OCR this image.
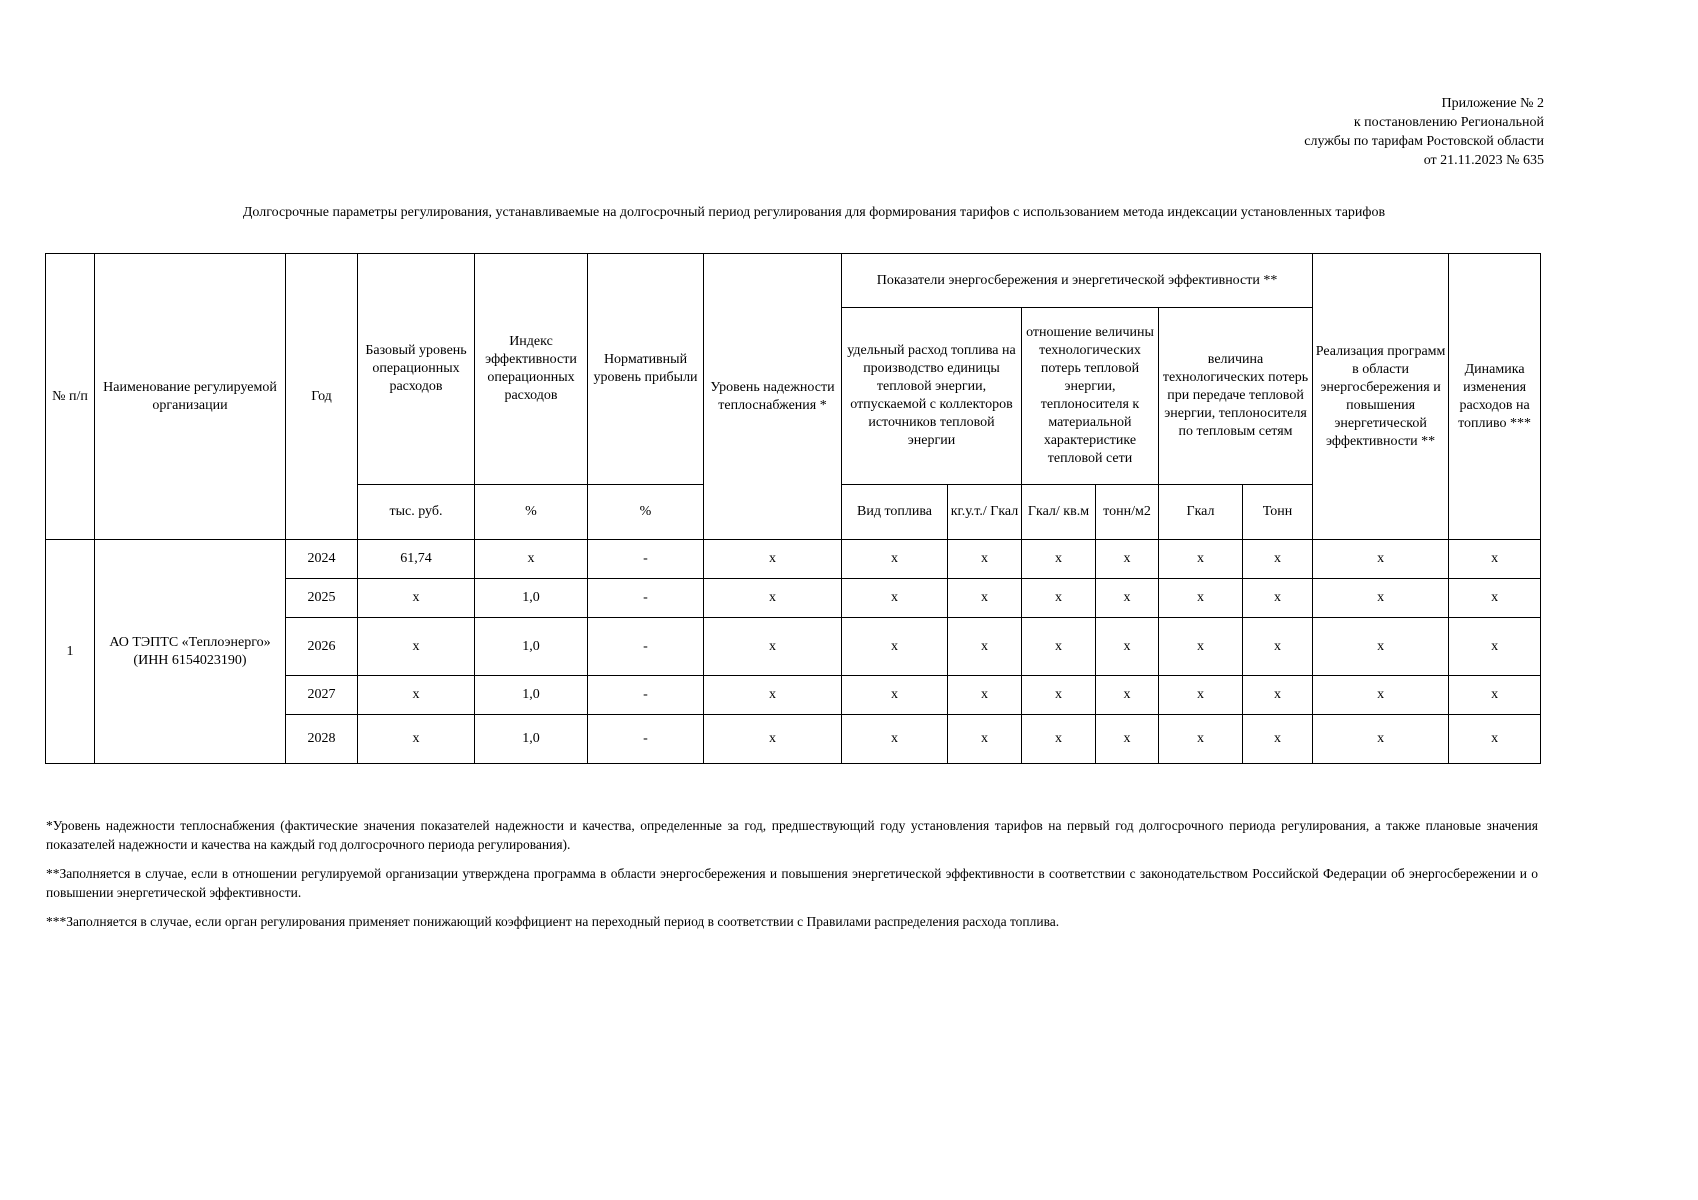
Приложение № 2
к постановлению Региональной
службы по тарифам Ростовской области
от 21.11.2023 № 635
Долгосрочные параметры регулирования, устанавливаемые на долгосрочный период регулирования для формирования тарифов с использованием метода индексации установленных тарифов
№ п/п	Наименование регулируемой организации	Год	Базовый уровень операционных расходов	Индекс эффективности операционных расходов	Нормативный уровень прибыли	Уровень надежности теплоснабжения *	Показатели энергосбережения и энергетической эффективности **						Реализация программ в области энергосбережения и повышения энергетической эффективности **	Динамика изменения расходов на топливо ***
							удельный расход топлива на производство единицы тепловой энергии, отпускаемой с коллекторов источников тепловой энергии		отношение величины технологических потерь тепловой энергии, теплоносителя к материальной характеристике тепловой сети		величина технологических потерь при передаче тепловой энергии, теплоносителя по тепловым сетям			
			тыс. руб.	%	%		Вид топлива	кг.у.т./ Гкал	Гкал/ кв.м	тонн/м2	Гкал	Тонн		
1	АО ТЭПТС «Теплоэнерго» (ИНН 6154023190)	2024	61,74	х	-	х	х	х	х	х	х	х	х	х
		2025	х	1,0	-	х	х	х	х	х	х	х	х	х
		2026	х	1,0	-	х	х	х	х	х	х	х	х	х
		2027	х	1,0	-	х	х	х	х	х	х	х	х	х
		2028	х	1,0	-	х	х	х	х	х	х	х	х	х

*Уровень надежности теплоснабжения (фактические значения показателей надежности и качества, определенные за год, предшествующий году установления тарифов на первый год долгосрочного периода регулирования, а также плановые значения показателей надежности и качества на каждый год долгосрочного периода регулирования).

**Заполняется в случае, если в отношении регулируемой организации утверждена программа в области энергосбережения и повышения энергетической эффективности в соответствии с законодательством Российской Федерации об энергосбережении и о повышении энергетической эффективности.

***Заполняется в случае, если орган регулирования применяет понижающий коэффициент на переходный период в соответствии с Правилами распределения расхода топлива.
